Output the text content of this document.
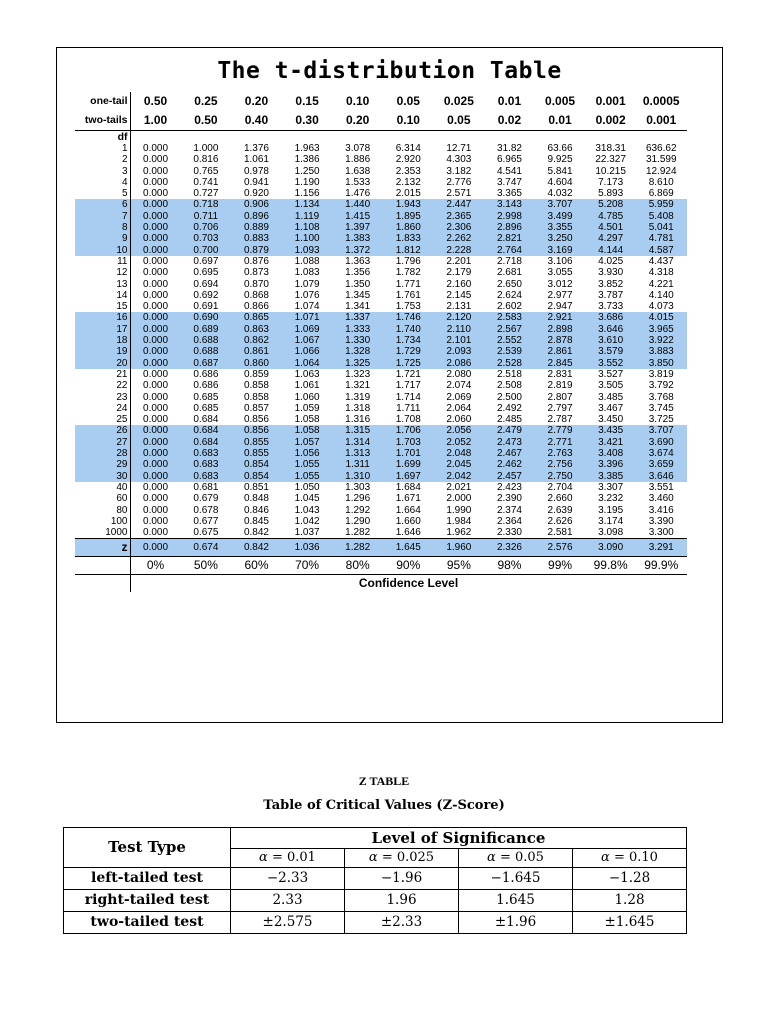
The t-distribution Table
one-tail	0.50	0.25	0.20	0.15	0.10	0.05	0.025	0.01	0.005	0.001	0.0005
two-tails	1.00	0.50	0.40	0.30	0.20	0.10	0.05	0.02	0.01	0.002	0.001
df											
1	0.000	1.000	1.376	1.963	3.078	6.314	12.71	31.82	63.66	318.31	636.62
2	0.000	0.816	1.061	1.386	1.886	2.920	4.303	6.965	9.925	22.327	31.599
3	0.000	0.765	0.978	1.250	1.638	2.353	3.182	4.541	5.841	10.215	12.924
4	0.000	0.741	0.941	1.190	1.533	2.132	2.776	3.747	4.604	7.173	8.610
5	0.000	0.727	0.920	1.156	1.476	2.015	2.571	3.365	4.032	5.893	6.869
6	0.000	0.718	0.906	1.134	1.440	1.943	2.447	3.143	3.707	5.208	5.959
7	0.000	0.711	0.896	1.119	1.415	1.895	2.365	2.998	3.499	4.785	5.408
8	0.000	0.706	0.889	1.108	1.397	1.860	2.306	2.896	3.355	4.501	5.041
9	0.000	0.703	0.883	1.100	1.383	1.833	2.262	2.821	3.250	4.297	4.781
10	0.000	0.700	0.879	1.093	1.372	1.812	2.228	2.764	3.169	4.144	4.587
11	0.000	0.697	0.876	1.088	1.363	1.796	2.201	2.718	3.106	4.025	4.437
12	0.000	0.695	0.873	1.083	1.356	1.782	2.179	2.681	3.055	3.930	4.318
13	0.000	0.694	0.870	1.079	1.350	1.771	2.160	2.650	3.012	3.852	4.221
14	0.000	0.692	0.868	1.076	1.345	1.761	2.145	2.624	2.977	3.787	4.140
15	0.000	0.691	0.866	1.074	1.341	1.753	2.131	2.602	2.947	3.733	4.073
16	0.000	0.690	0.865	1.071	1.337	1.746	2.120	2.583	2.921	3.686	4.015
17	0.000	0.689	0.863	1.069	1.333	1.740	2.110	2.567	2.898	3.646	3.965
18	0.000	0.688	0.862	1.067	1.330	1.734	2.101	2.552	2.878	3.610	3.922
19	0.000	0.688	0.861	1.066	1.328	1.729	2.093	2.539	2.861	3.579	3.883
20	0.000	0.687	0.860	1.064	1.325	1.725	2.086	2.528	2.845	3.552	3.850
21	0.000	0.686	0.859	1.063	1.323	1.721	2.080	2.518	2.831	3.527	3.819
22	0.000	0.686	0.858	1.061	1.321	1.717	2.074	2.508	2.819	3.505	3.792
23	0.000	0.685	0.858	1.060	1.319	1.714	2.069	2.500	2.807	3.485	3.768
24	0.000	0.685	0.857	1.059	1.318	1.711	2.064	2.492	2.797	3.467	3.745
25	0.000	0.684	0.856	1.058	1.316	1.708	2.060	2.485	2.787	3.450	3.725
26	0.000	0.684	0.856	1.058	1.315	1.706	2.056	2.479	2.779	3.435	3.707
27	0.000	0.684	0.855	1.057	1.314	1.703	2.052	2.473	2.771	3.421	3.690
28	0.000	0.683	0.855	1.056	1.313	1.701	2.048	2.467	2.763	3.408	3.674
29	0.000	0.683	0.854	1.055	1.311	1.699	2.045	2.462	2.756	3.396	3.659
30	0.000	0.683	0.854	1.055	1.310	1.697	2.042	2.457	2.750	3.385	3.646
40	0.000	0.681	0.851	1.050	1.303	1.684	2.021	2.423	2.704	3.307	3.551
60	0.000	0.679	0.848	1.045	1.296	1.671	2.000	2.390	2.660	3.232	3.460
80	0.000	0.678	0.846	1.043	1.292	1.664	1.990	2.374	2.639	3.195	3.416
100	0.000	0.677	0.845	1.042	1.290	1.660	1.984	2.364	2.626	3.174	3.390
1000	0.000	0.675	0.842	1.037	1.282	1.646	1.962	2.330	2.581	3.098	3.300
z	0.000	0.674	0.842	1.036	1.282	1.645	1.960	2.326	2.576	3.090	3.291
	0%	50%	60%	70%	80%	90%	95%	98%	99%	99.8%	99.9%
	Confidence Level										
Z TABLE
Table of Critical Values (Z-Score)
Test Type	Level of Significance			
	α = 0.01	α = 0.025	α = 0.05	α = 0.10
left-tailed test	−2.33	−1.96	−1.645	−1.28
right-tailed test	2.33	1.96	1.645	1.28
two-tailed test	±2.575	±2.33	±1.96	±1.645
